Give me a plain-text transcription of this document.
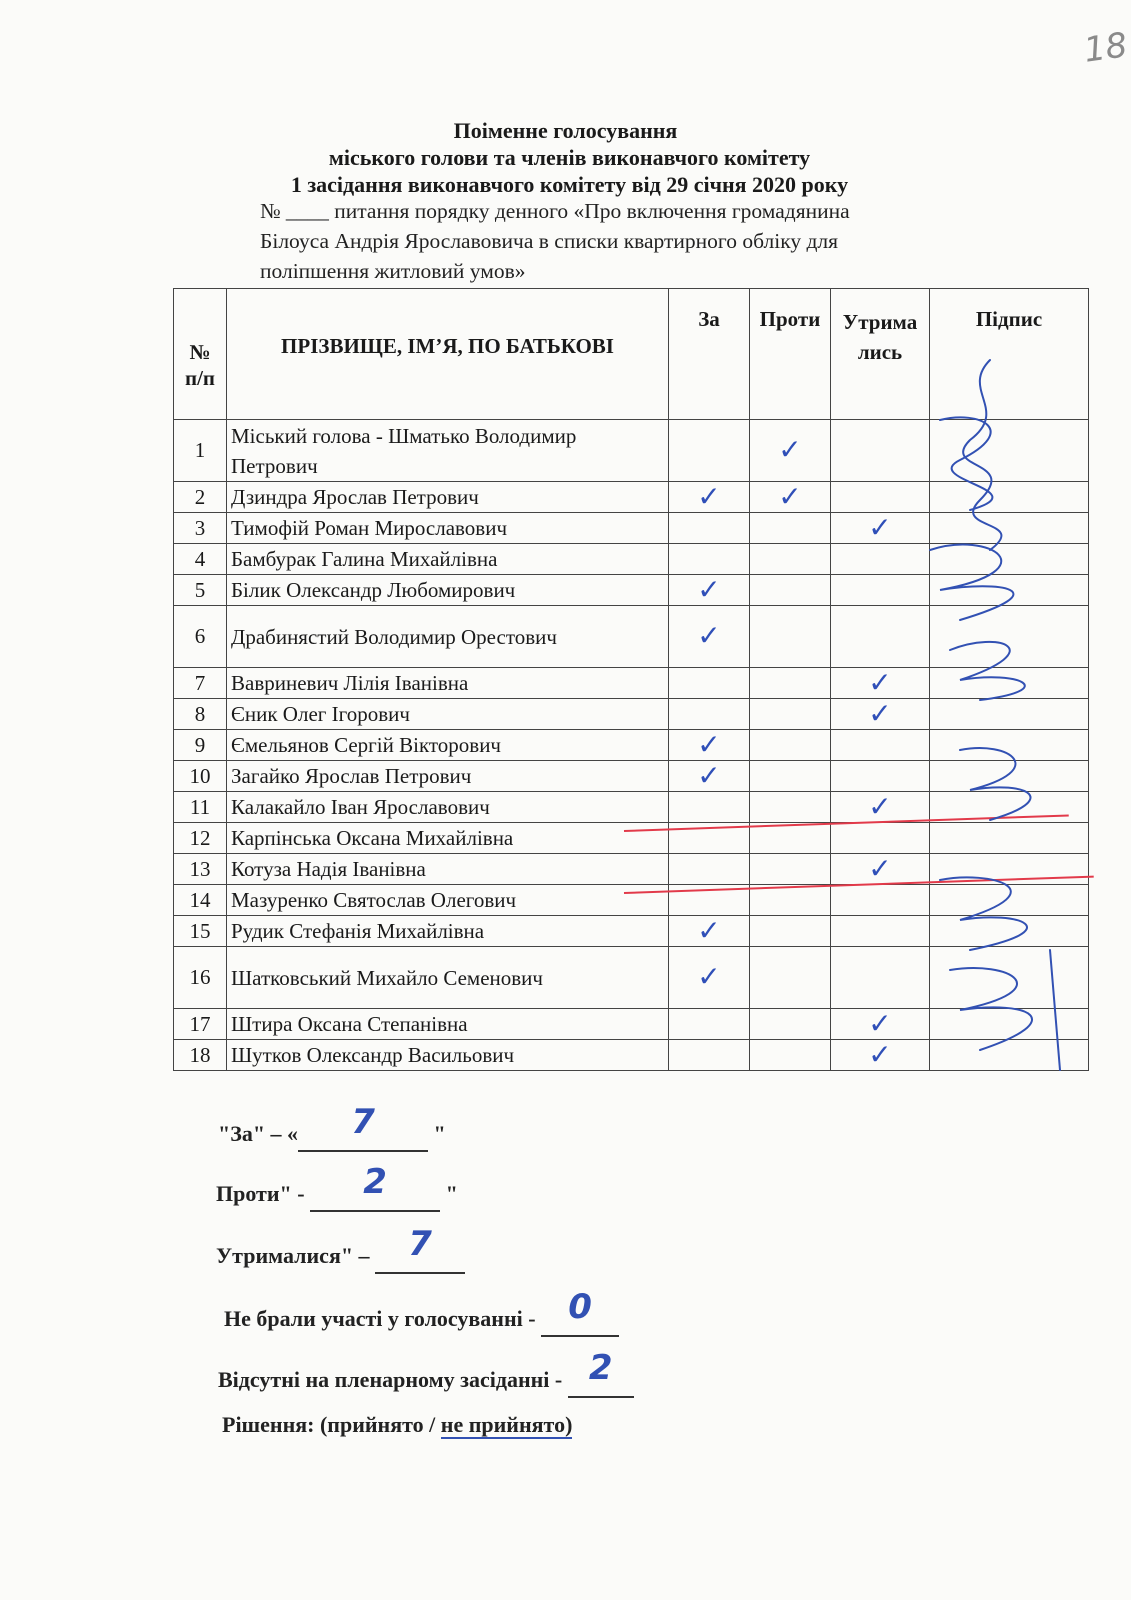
18
Поіменне голосування
міського голови та членів виконавчого комітету
1 засідання виконавчого комітету від 29 січня 2020 року
№ ____ питання порядку денного «Про включення громадянина
Білоуса Андрія Ярославовича в списки квартирного обліку для
поліпшення житловий умов»
№ п/п	ПРІЗВИЩЕ, ІМ’Я, ПО БАТЬКОВІ	За	Проти	Утрима лись	Підпис
1	Міський голова - Шматько Володимир Петрович		✓		
2	Дзиндра Ярослав Петрович	✓	✓		
3	Тимофій Роман Мирославович			✓	
4	Бамбурак Галина Михайлівна				
5	Білик Олександр Любомирович	✓			
6	Драбинястий Володимир Орестович	✓			
7	Вавриневич Лілія Іванівна			✓	
8	Єник Олег Ігорович			✓	
9	Ємельянов Сергій Вікторович	✓			
10	Загайко Ярослав Петрович	✓			
11	Калакайло Іван Ярославович			✓	
12	Карпінська Оксана Михайлівна				
13	Котуза Надія Іванівна			✓	
14	Мазуренко Святослав Олегович				
15	Рудик Стефанія Михайлівна	✓			
16	Шатковський Михайло Семенович	✓			
17	Штира Оксана Степанівна			✓	
18	Шутков Олександр Васильович			✓	
"За" – « 7	"
Проти" - 2	"
Утрималися" – 7
Не брали участі у голосуванні - 0
Відсутні на пленарному засіданні - 2
Рішення: (прийнято / не прийнято)
